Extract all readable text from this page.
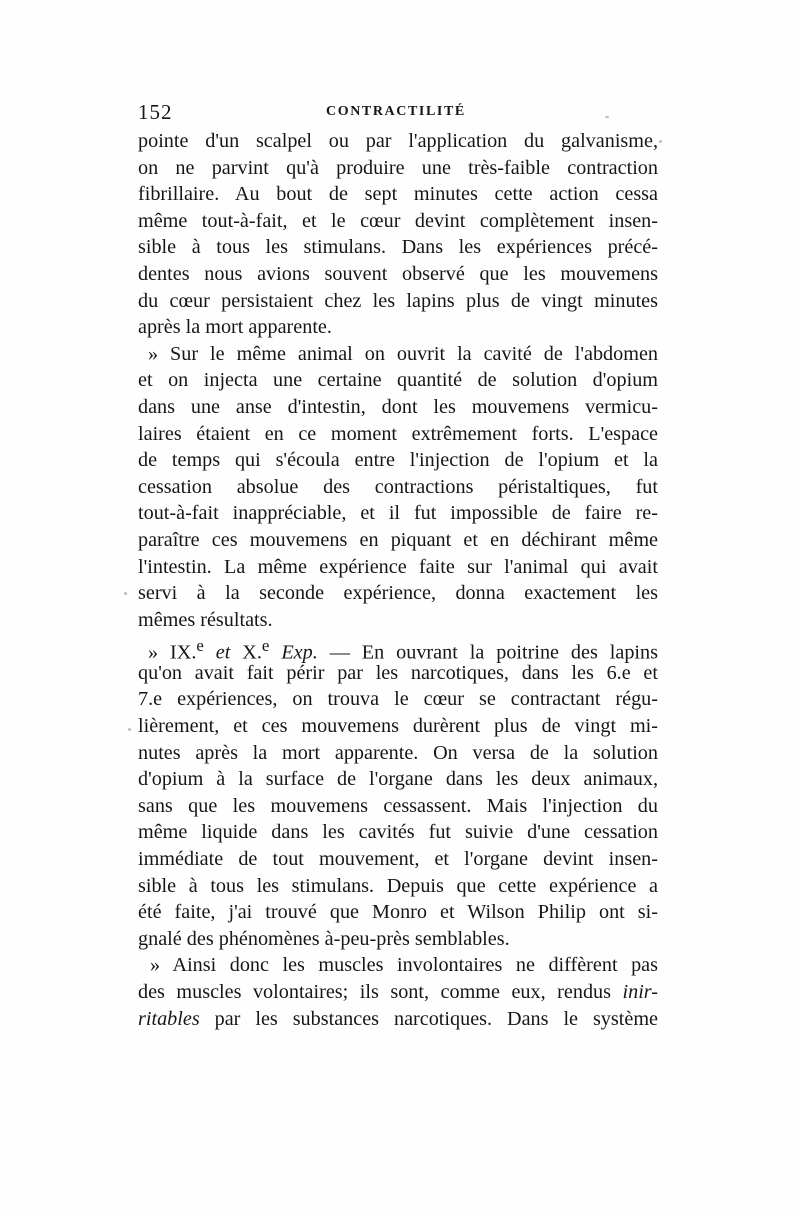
152	CONTRACTILITÉ
pointe d'un scalpel ou par l'application du galvanisme,
on ne parvint qu'à produire une très-faible contraction
fibrillaire. Au bout de sept minutes cette action cessa
même tout-à-fait, et le cœur devint complètement insen-
sible à tous les stimulans. Dans les expériences précé-
dentes nous avions souvent observé que les mouvemens
du cœur persistaient chez les lapins plus de vingt minutes
après la mort apparente.
» Sur le même animal on ouvrit la cavité de l'abdomen
et on injecta une certaine quantité de solution d'opium
dans une anse d'intestin, dont les mouvemens vermicu-
laires étaient en ce moment extrêmement forts. L'espace
de temps qui s'écoula entre l'injection de l'opium et la
cessation absolue des contractions péristaltiques, fut
tout-à-fait inappréciable, et il fut impossible de faire re-
paraître ces mouvemens en piquant et en déchirant même
l'intestin. La même expérience faite sur l'animal qui avait
servi à la seconde expérience, donna exactement les
mêmes résultats.
» IX.$^e$ et X.$^e$ Exp. — En ouvrant la poitrine des lapins
qu'on avait fait périr par les narcotiques, dans les 6.e et
7.e expériences, on trouva le cœur se contractant régu-
lièrement, et ces mouvemens durèrent plus de vingt mi-
nutes après la mort apparente. On versa de la solution
d'opium à la surface de l'organe dans les deux animaux,
sans que les mouvemens cessassent. Mais l'injection du
même liquide dans les cavités fut suivie d'une cessation
immédiate de tout mouvement, et l'organe devint insen-
sible à tous les stimulans. Depuis que cette expérience a
été faite, j'ai trouvé que Monro et Wilson Philip ont si-
gnalé des phénomènes à-peu-près semblables.
» Ainsi donc les muscles involontaires ne diffèrent pas
des muscles volontaires; ils sont, comme eux, rendus inir-
ritables par les substances narcotiques. Dans le système
